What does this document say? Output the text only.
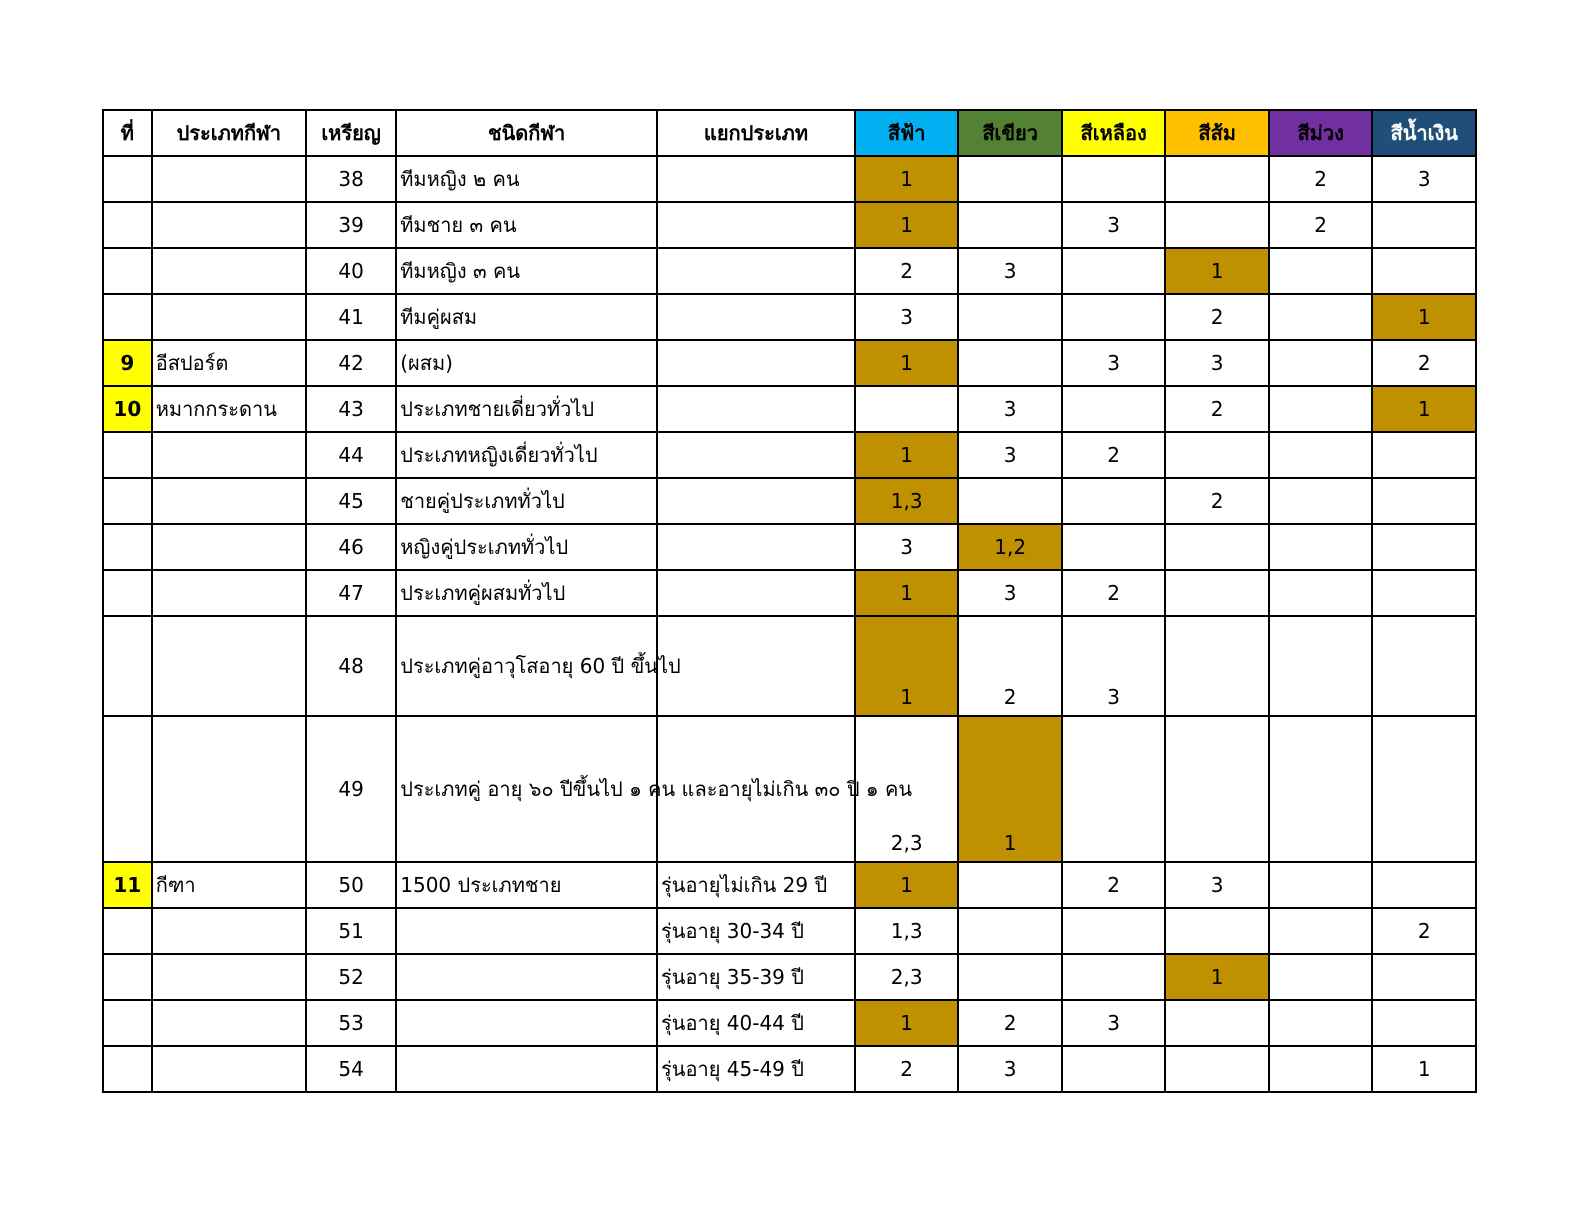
ที่	ประเภทกีฬา	เหรียญ	ชนิดกีฬา	แยกประเภท	สีฟ้า	สีเขียว	สีเหลือง	สีส้ม	สีม่วง	สีน้ำเงิน
		38	ทีมหญิง ๒ คน		1				2	3
		39	ทีมชาย ๓ คน		1		3		2	
		40	ทีมหญิง ๓ คน		2	3		1		
		41	ทีมคู่ผสม		3			2		1
9	อีสปอร์ต	42	(ผสม)		1		3	3		2
10	หมากกระดาน	43	ประเภทชายเดี่ยวทั่วไป			3		2		1
		44	ประเภทหญิงเดี่ยวทั่วไป		1	3	2			
		45	ชายคู่ประเภททั่วไป		1,3			2		
		46	หญิงคู่ประเภททั่วไป		3	1,2				
		47	ประเภทคู่ผสมทั่วไป		1	3	2			
		48	ประเภทคู่อาวุโสอายุ 60 ปี ขึ้นไป		1	2	3			
		49	ประเภทคู่ อายุ ๖๐ ปีขึ้นไป ๑ คน และอายุไม่เกิน ๓๐ ปี ๑ คน		2,3	1				
11	กีฑา	50	1500 ประเภทชาย	รุ่นอายุไม่เกิน 29 ปี	1		2	3		
		51		รุ่นอายุ 30-34 ปี	1,3					2
		52		รุ่นอายุ 35-39 ปี	2,3			1		
		53		รุ่นอายุ 40-44 ปี	1	2	3			
		54		รุ่นอายุ 45-49 ปี	2	3				1
